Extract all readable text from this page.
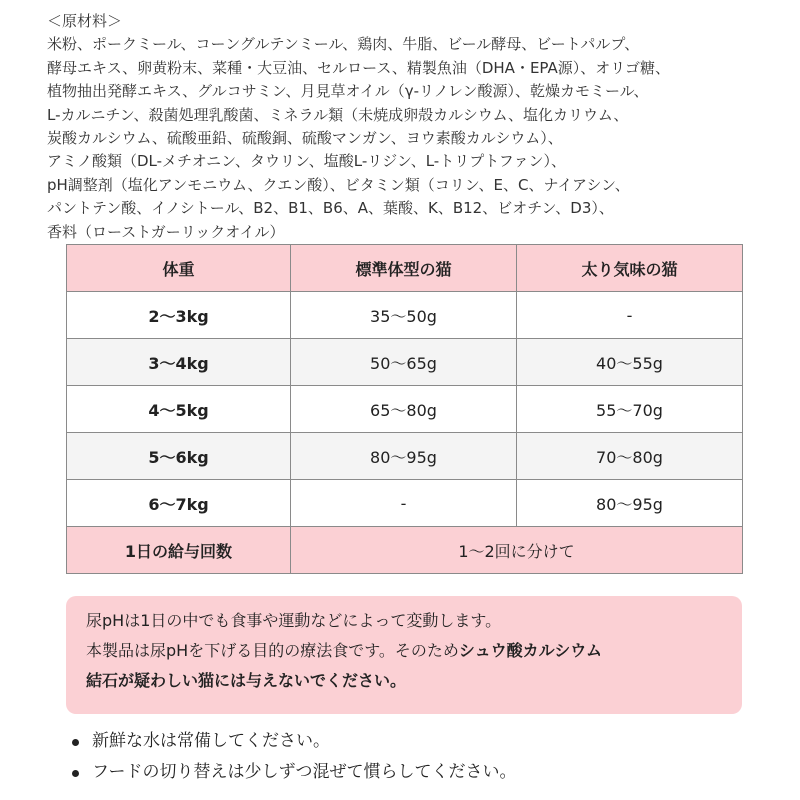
＜原材料＞
米粉、ポークミール、コーングルテンミール、鶏肉、牛脂、ビール酵母、ビートパルプ、
酵母エキス、卵黄粉末、菜種・大豆油、セルロース、精製魚油（DHA・EPA源）、オリゴ糖、
植物抽出発酵エキス、グルコサミン、月見草オイル（γ-リノレン酸源）、乾燥カモミール、
L-カルニチン、殺菌処理乳酸菌、ミネラル類（未焼成卵殻カルシウム、塩化カリウム、
炭酸カルシウム、硫酸亜鉛、硫酸銅、硫酸マンガン、ヨウ素酸カルシウム）、
アミノ酸類（DL-メチオニン、タウリン、塩酸L-リジン、L-トリプトファン）、
pH調整剤（塩化アンモニウム、クエン酸）、ビタミン類（コリン、E、C、ナイアシン、
パントテン酸、イノシトール、B2、B1、B6、A、葉酸、K、B12、ビオチン、D3）、
香料（ローストガーリックオイル）
体重	標準体型の猫	太り気味の猫
2～3kg	35～50g	-
3～4kg	50～65g	40～55g
4～5kg	65～80g	55～70g
5～6kg	80～95g	70～80g
6～7kg	-	80～95g
1日の給与回数	1～2回に分けて	
尿pHは1日の中でも食事や運動などによって変動します。
本製品は尿pHを下げる目的の療法食です。そのためシュウ酸カルシウム
結石が疑わしい猫には与えないでください。
新鮮な水は常備してください。
フードの切り替えは少しずつ混ぜて慣らしてください。
